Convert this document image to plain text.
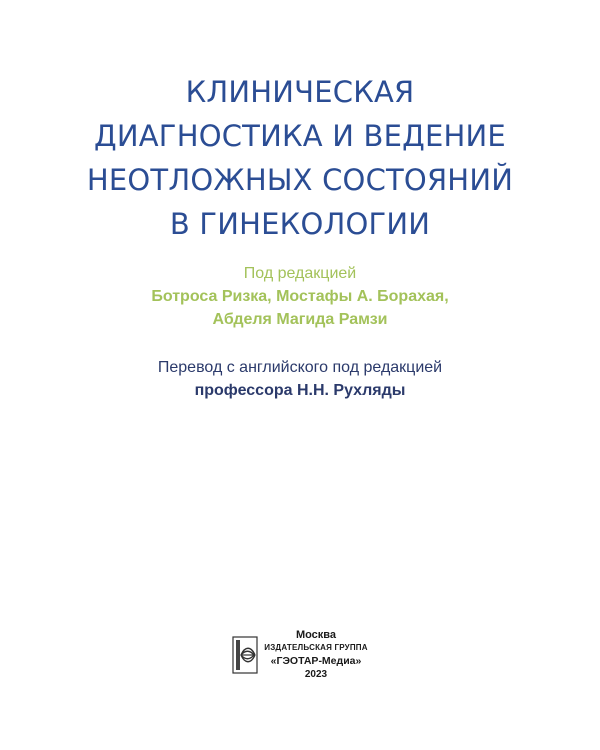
КЛИНИЧЕСКАЯ
ДИАГНОСТИКА И ВЕДЕНИЕ
НЕОТЛОЖНЫХ СОСТОЯНИЙ
В ГИНЕКОЛОГИИ
Под редакцией
Ботроса Ризка, Мостафы А. Борахая,
Абделя Магида Рамзи
Перевод с английского под редакцией
профессора Н.Н. Рухляды
Москва
ИЗДАТЕЛЬСКАЯ ГРУППА
«ГЭОТАР-Медиа»
2023
